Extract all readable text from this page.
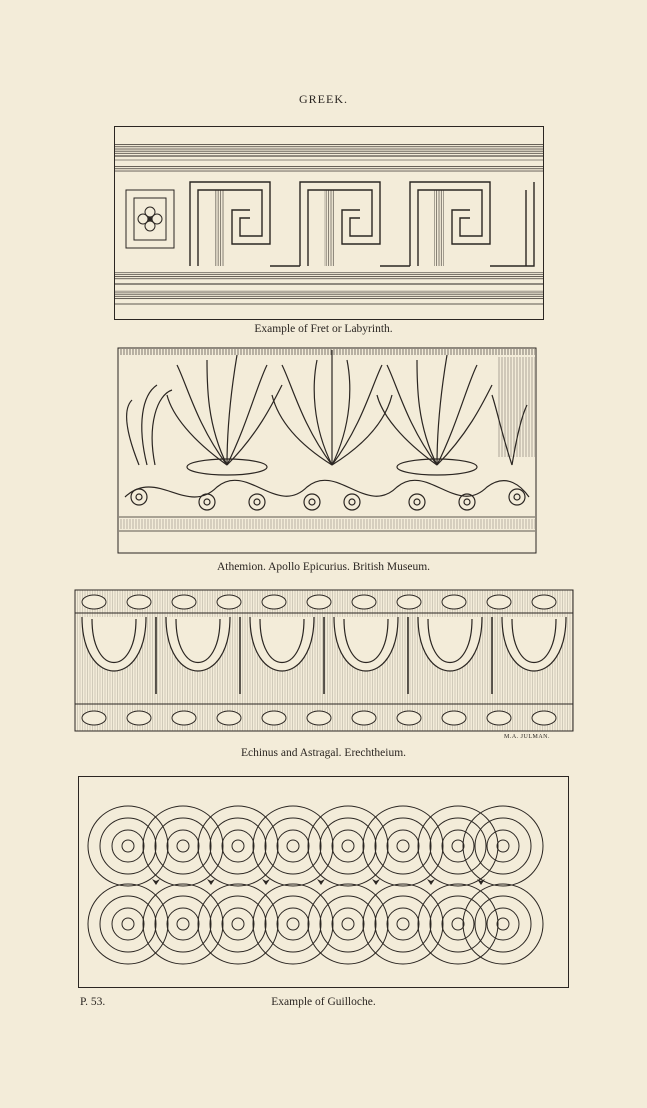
GREEK.
Example of Fret or Labyrinth.
Athemion. Apollo Epicurius. British Museum.
M.A. JULMAN.
Echinus and Astragal. Erechtheium.
P. 53.	Example of Guilloche.
